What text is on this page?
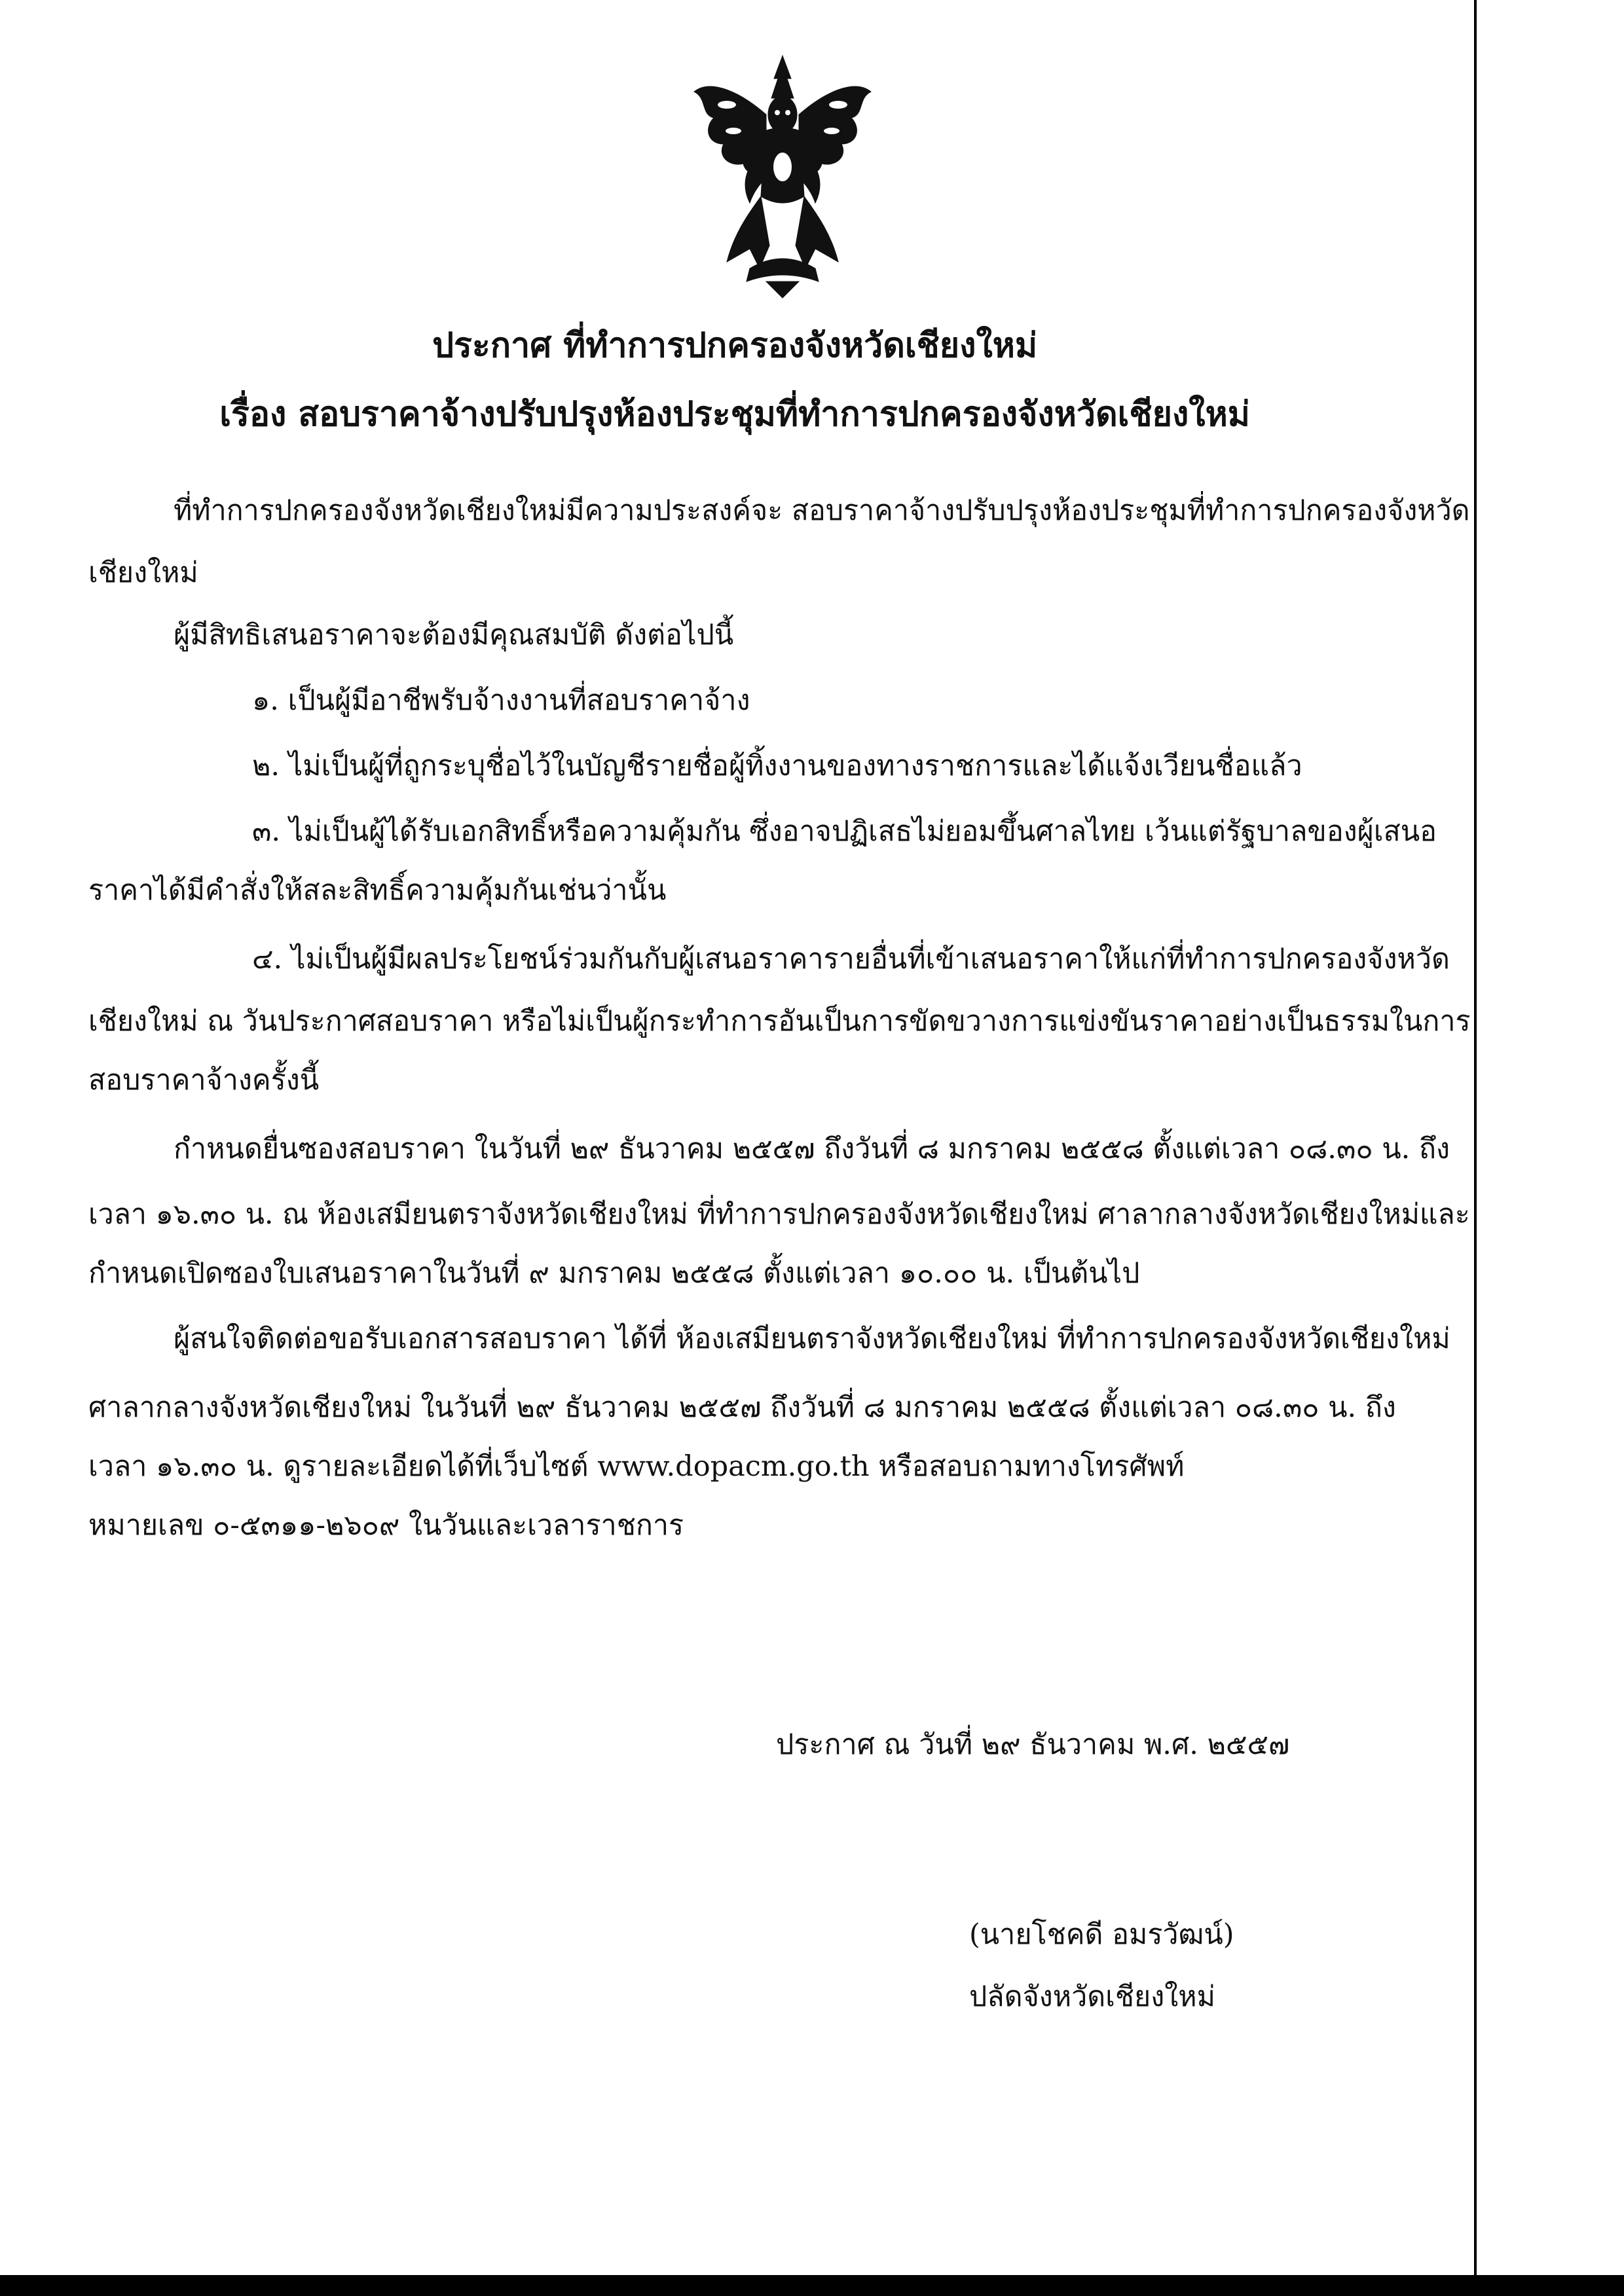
ประกาศ ที่ทำการปกครองจังหวัดเชียงใหม่
เรื่อง สอบราคาจ้างปรับปรุงห้องประชุมที่ทำการปกครองจังหวัดเชียงใหม่
ที่ทำการปกครองจังหวัดเชียงใหม่มีความประสงค์จะ สอบราคาจ้างปรับปรุงห้องประชุมที่ทำการปกครองจังหวัด
เชียงใหม่
ผู้มีสิทธิเสนอราคาจะต้องมีคุณสมบัติ ดังต่อไปนี้
๑. เป็นผู้มีอาชีพรับจ้างงานที่สอบราคาจ้าง
๒. ไม่เป็นผู้ที่ถูกระบุชื่อไว้ในบัญชีรายชื่อผู้ทิ้งงานของทางราชการและได้แจ้งเวียนชื่อแล้ว
๓. ไม่เป็นผู้ได้รับเอกสิทธิ์หรือความคุ้มกัน ซึ่งอาจปฏิเสธไม่ยอมขึ้นศาลไทย เว้นแต่รัฐบาลของผู้เสนอ
ราคาได้มีคำสั่งให้สละสิทธิ์ความคุ้มกันเช่นว่านั้น
๔. ไม่เป็นผู้มีผลประโยชน์ร่วมกันกับผู้เสนอราคารายอื่นที่เข้าเสนอราคาให้แก่ที่ทำการปกครองจังหวัด
เชียงใหม่ ณ วันประกาศสอบราคา หรือไม่เป็นผู้กระทำการอันเป็นการขัดขวางการแข่งขันราคาอย่างเป็นธรรมในการ
สอบราคาจ้างครั้งนี้
กำหนดยื่นซองสอบราคา ในวันที่ ๒๙ ธันวาคม ๒๕๕๗ ถึงวันที่ ๘ มกราคม ๒๕๕๘ ตั้งแต่เวลา ๐๘.๓๐ น. ถึง
เวลา ๑๖.๓๐ น. ณ ห้องเสมียนตราจังหวัดเชียงใหม่ ที่ทำการปกครองจังหวัดเชียงใหม่ ศาลากลางจังหวัดเชียงใหม่และ
กำหนดเปิดซองใบเสนอราคาในวันที่ ๙ มกราคม ๒๕๕๘ ตั้งแต่เวลา ๑๐.๐๐ น. เป็นต้นไป
ผู้สนใจติดต่อขอรับเอกสารสอบราคา ได้ที่ ห้องเสมียนตราจังหวัดเชียงใหม่ ที่ทำการปกครองจังหวัดเชียงใหม่
ศาลากลางจังหวัดเชียงใหม่ ในวันที่ ๒๙ ธันวาคม ๒๕๕๗ ถึงวันที่ ๘ มกราคม ๒๕๕๘ ตั้งแต่เวลา ๐๘.๓๐ น. ถึง
เวลา ๑๖.๓๐ น. ดูรายละเอียดได้ที่เว็บไซต์ www.dopacm.go.th หรือสอบถามทางโทรศัพท์
หมายเลข ๐-๕๓๑๑-๒๖๐๙ ในวันและเวลาราชการ
ประกาศ ณ วันที่ ๒๙ ธันวาคม พ.ศ. ๒๕๕๗
(นายโชคดี อมรวัฒน์)
ปลัดจังหวัดเชียงใหม่
